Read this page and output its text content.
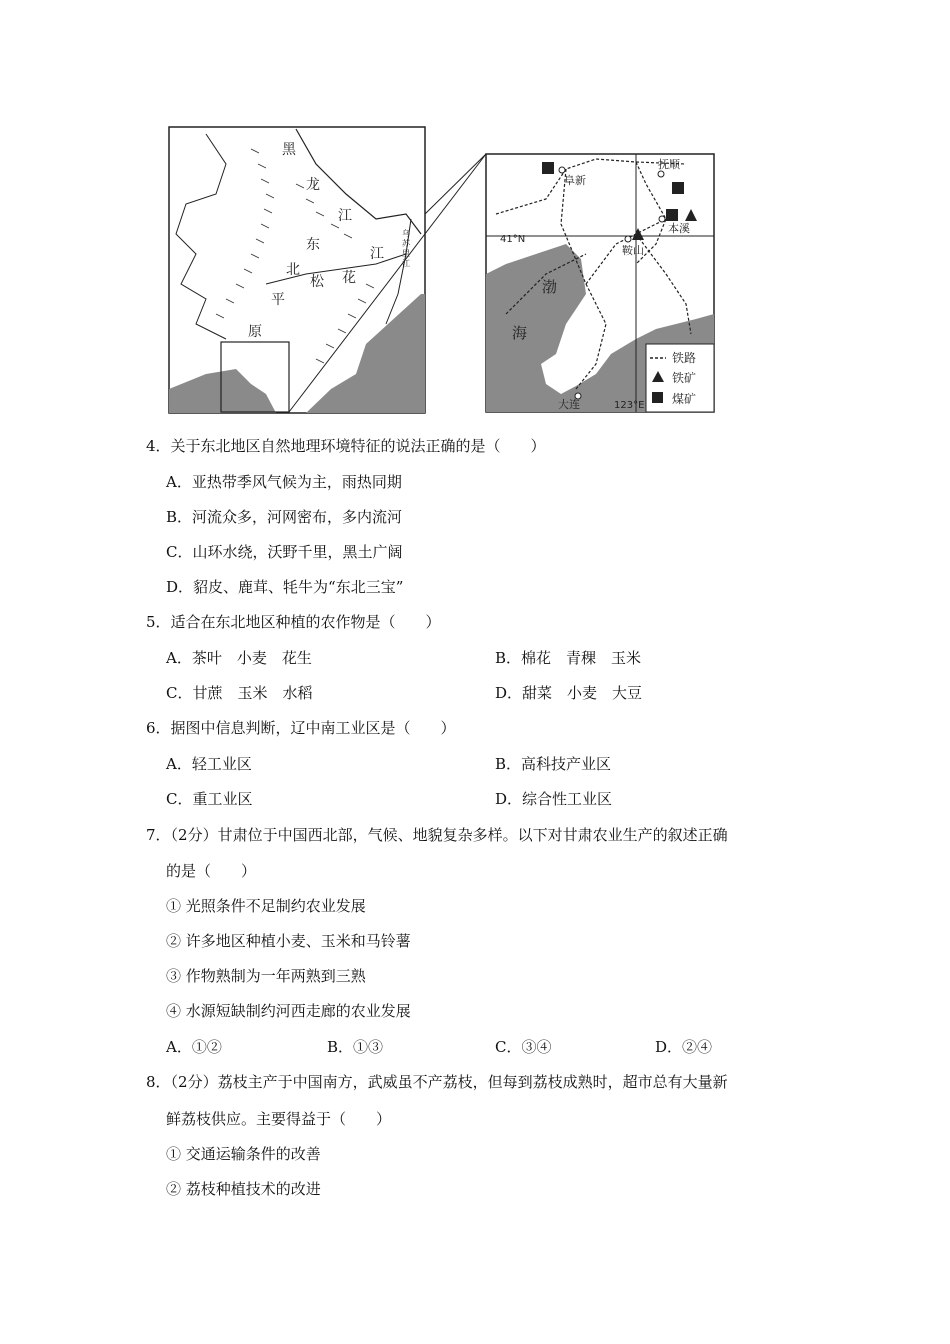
黑
龙
江
东
北
松 花
江
平
原
乌
苏
里
江
阜新
抚顺
本溪
鞍山
大连
渤
海
41°N
123°E
铁路
铁矿
煤矿
4．关于东北地区自然地理环境特征的说法正确的是（　　）
A．亚热带季风气候为主，雨热同期
B．河流众多，河网密布，多内流河
C．山环水绕，沃野千里，黑土广阔
D．貂皮、鹿茸、牦牛为“东北三宝”
5．适合在东北地区种植的农作物是（　　）
A．茶叶　小麦　花生	B．棉花　青稞　玉米
C．甘蔗　玉米　水稻	D．甜菜　小麦　大豆
6．据图中信息判断，辽中南工业区是（　　）
A．轻工业区	B．高科技产业区
C．重工业区	D．综合性工业区
7．（2分）甘肃位于中国西北部，气候、地貌复杂多样。以下对甘肃农业生产的叙述正确
的是（　　）
① 光照条件不足制约农业发展
② 许多地区种植小麦、玉米和马铃薯
③ 作物熟制为一年两熟到三熟
④ 水源短缺制约河西走廊的农业发展
A．①②	B．①③	C．③④	D．②④
8．（2分）荔枝主产于中国南方，武威虽不产荔枝，但每到荔枝成熟时，超市总有大量新
鲜荔枝供应。主要得益于（　　）
① 交通运输条件的改善
② 荔枝种植技术的改进
